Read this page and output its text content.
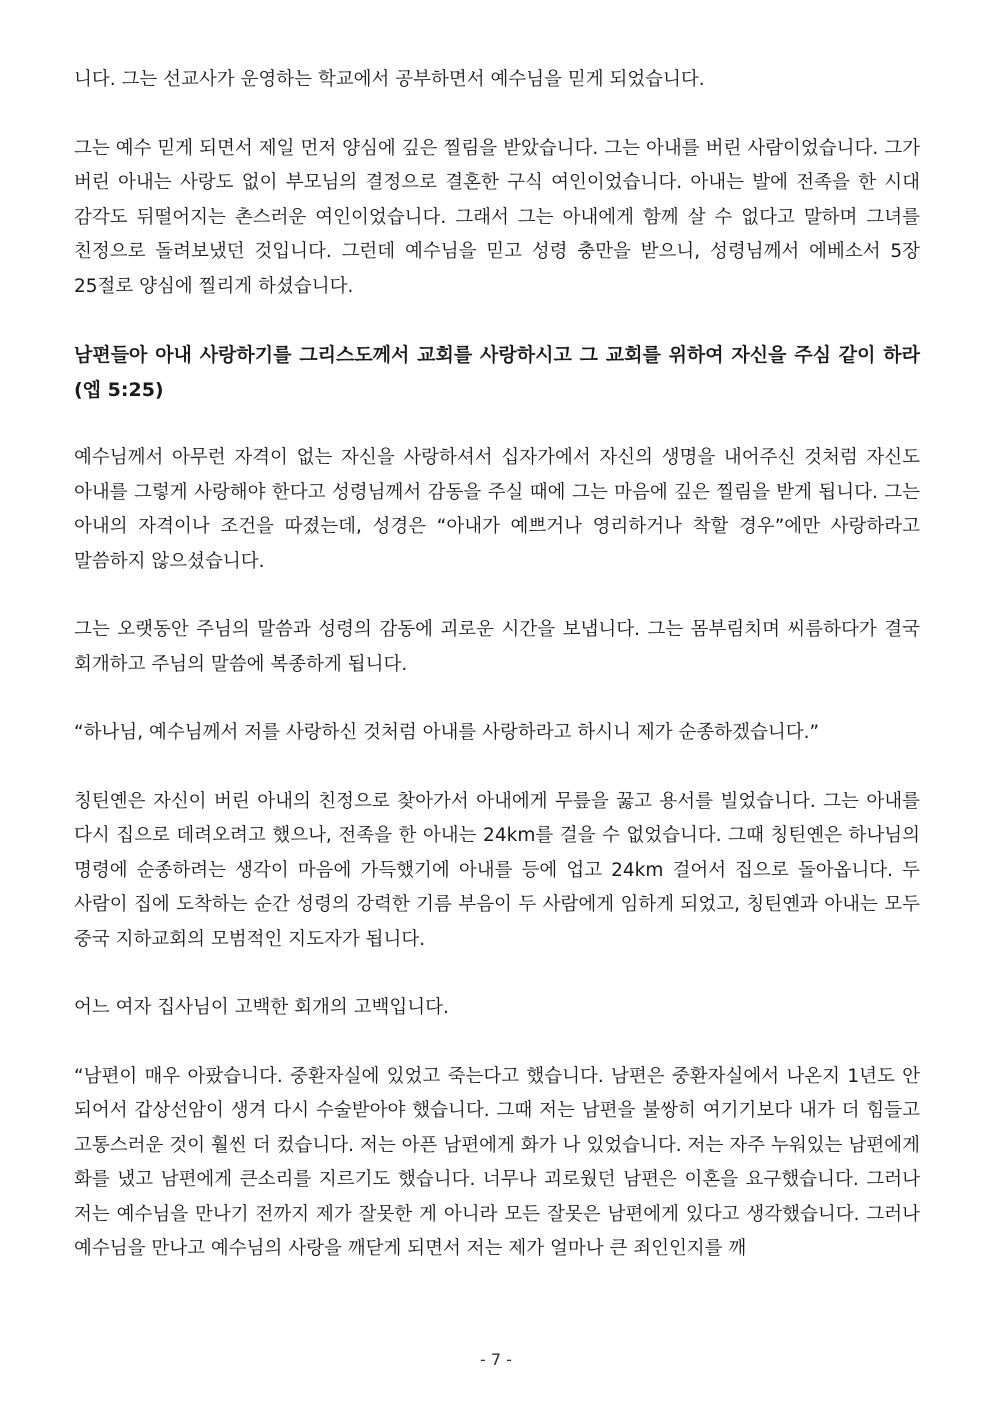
니다. 그는 선교사가 운영하는 학교에서 공부하면서 예수님을 믿게 되었습니다.

그는 예수 믿게 되면서 제일 먼저 양심에 깊은 찔림을 받았습니다. 그는 아내를 버린 사람이었습니다. 그가 버린 아내는 사랑도 없이 부모님의 결정으로 결혼한 구식 여인이었습니다. 아내는 발에 전족을 한 시대 감각도 뒤떨어지는 촌스러운 여인이었습니다. 그래서 그는 아내에게 함께 살 수 없다고 말하며 그녀를 친정으로 돌려보냈던 것입니다. 그런데 예수님을 믿고 성령 충만을 받으니, 성령님께서 에베소서 5장 25절로 양심에 찔리게 하셨습니다.

남편들아 아내 사랑하기를 그리스도께서 교회를 사랑하시고 그 교회를 위하여 자신을 주심 같이 하라 (엡 5:25)

예수님께서 아무런 자격이 없는 자신을 사랑하셔서 십자가에서 자신의 생명을 내어주신 것처럼 자신도 아내를 그렇게 사랑해야 한다고 성령님께서 감동을 주실 때에 그는 마음에 깊은 찔림을 받게 됩니다. 그는 아내의 자격이나 조건을 따졌는데, 성경은 “아내가 예쁘거나 영리하거나 착할 경우”에만 사랑하라고 말씀하지 않으셨습니다.

그는 오랫동안 주님의 말씀과 성령의 감동에 괴로운 시간을 보냅니다. 그는 몸부림치며 씨름하다가 결국 회개하고 주님의 말씀에 복종하게 됩니다.

“하나님, 예수님께서 저를 사랑하신 것처럼 아내를 사랑하라고 하시니 제가 순종하겠습니다.”

칭틴옌은 자신이 버린 아내의 친정으로 찾아가서 아내에게 무릎을 꿇고 용서를 빌었습니다. 그는 아내를 다시 집으로 데려오려고 했으나, 전족을 한 아내는 24km를 걸을 수 없었습니다. 그때 칭틴옌은 하나님의 명령에 순종하려는 생각이 마음에 가득했기에 아내를 등에 업고 24km 걸어서 집으로 돌아옵니다. 두 사람이 집에 도착하는 순간 성령의 강력한 기름 부음이 두 사람에게 임하게 되었고, 칭틴옌과 아내는 모두 중국 지하교회의 모범적인 지도자가 됩니다.

어느 여자 집사님이 고백한 회개의 고백입니다.

“남편이 매우 아팠습니다. 중환자실에 있었고 죽는다고 했습니다. 남편은 중환자실에서 나온지 1년도 안 되어서 갑상선암이 생겨 다시 수술받아야 했습니다. 그때 저는 남편을 불쌍히 여기기보다 내가 더 힘들고 고통스러운 것이 훨씬 더 컸습니다. 저는 아픈 남편에게 화가 나 있었습니다. 저는 자주 누워있는 남편에게 화를 냈고 남편에게 큰소리를 지르기도 했습니다. 너무나 괴로웠던 남편은 이혼을 요구했습니다. 그러나 저는 예수님을 만나기 전까지 제가 잘못한 게 아니라 모든 잘못은 남편에게 있다고 생각했습니다. 그러나 예수님을 만나고 예수님의 사랑을 깨닫게 되면서 저는 제가 얼마나 큰 죄인인지를 깨

- 7 -
